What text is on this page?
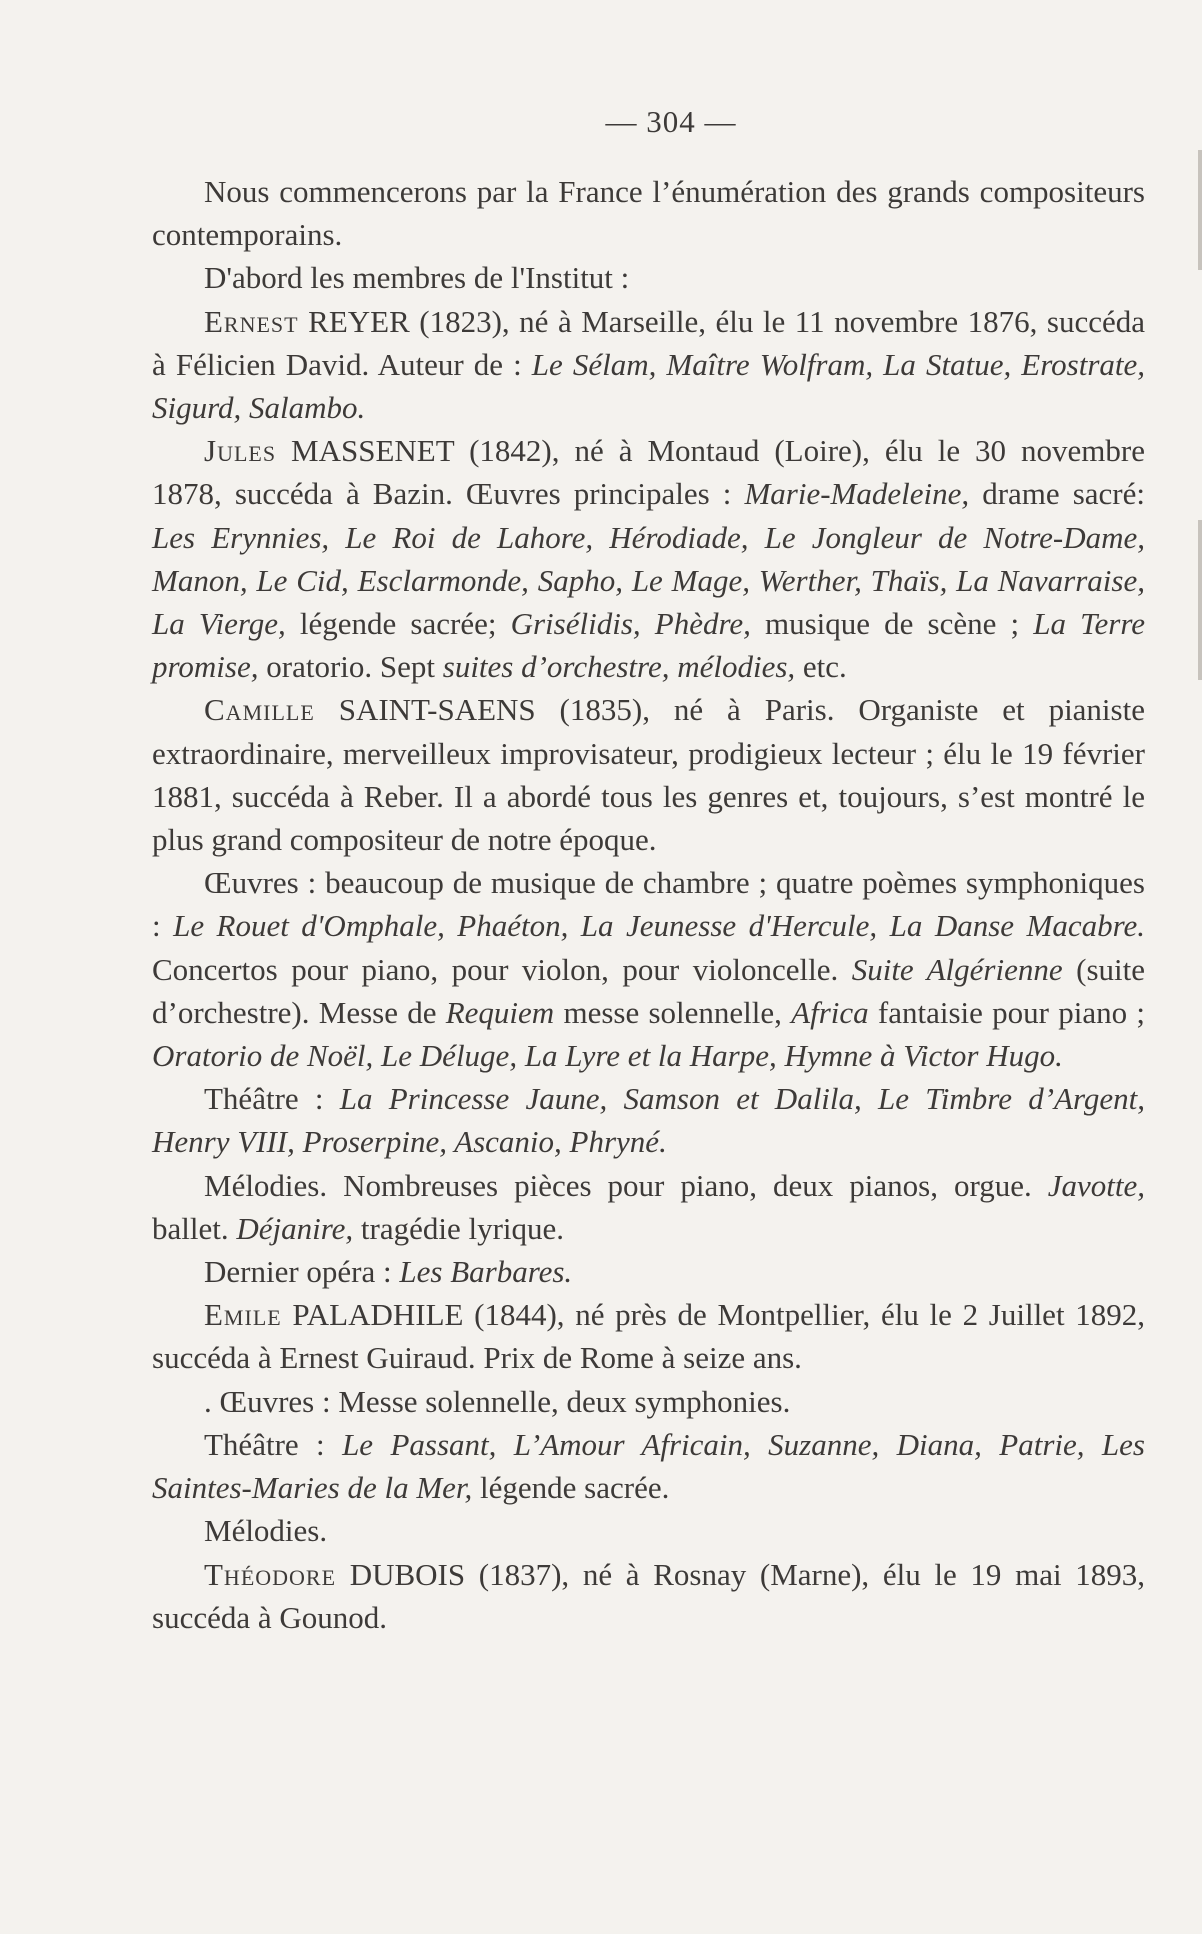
— 304 —

Nous commencerons par la France l’énumération des grands compositeurs contemporains.

D'abord les membres de l'Institut :

Ernest REYER (1823), né à Marseille, élu le 11 novembre 1876, succéda à Félicien David. Auteur de : Le Sélam, Maître Wolfram, La Statue, Erostrate, Sigurd, Salambo.

Jules MASSENET (1842), né à Montaud (Loire), élu le 30 novembre 1878, succéda à Bazin. Œuvres principales : Marie-Madeleine, drame sacré: Les Erynnies, Le Roi de Lahore, Hérodiade, Le Jongleur de Notre-Dame, Manon, Le Cid, Esclarmonde, Sapho, Le Mage, Werther, Thaïs, La Navarraise, La Vierge, légende sacrée; Grisélidis, Phèdre, musique de scène ; La Terre promise, oratorio. Sept suites d’orchestre, mélodies, etc.

Camille SAINT-SAENS (1835), né à Paris. Organiste et pianiste extraordinaire, merveilleux improvisateur, prodigieux lecteur ; élu le 19 février 1881, succéda à Reber. Il a abordé tous les genres et, toujours, s’est montré le plus grand compositeur de notre époque.

Œuvres : beaucoup de musique de chambre ; quatre poèmes symphoniques : Le Rouet d'Omphale, Phaéton, La Jeunesse d'Hercule, La Danse Macabre. Concertos pour piano, pour violon, pour violoncelle. Suite Algérienne (suite d’orchestre). Messe de Requiem messe solennelle, Africa fantaisie pour piano ; Oratorio de Noël, Le Déluge, La Lyre et la Harpe, Hymne à Victor Hugo.

Théâtre : La Princesse Jaune, Samson et Dalila, Le Timbre d’Argent, Henry VIII, Proserpine, Ascanio, Phryné.

Mélodies. Nombreuses pièces pour piano, deux pianos, orgue. Javotte, ballet. Déjanire, tragédie lyrique.

Dernier opéra : Les Barbares.

Emile PALADHILE (1844), né près de Montpellier, élu le 2 Juillet 1892, succéda à Ernest Guiraud. Prix de Rome à seize ans.

. Œuvres : Messe solennelle, deux symphonies.

Théâtre : Le Passant, L’Amour Africain, Suzanne, Diana, Patrie, Les Saintes-Maries de la Mer, légende sacrée.

Mélodies.

Théodore DUBOIS (1837), né à Rosnay (Marne), élu le 19 mai 1893, succéda à Gounod.
